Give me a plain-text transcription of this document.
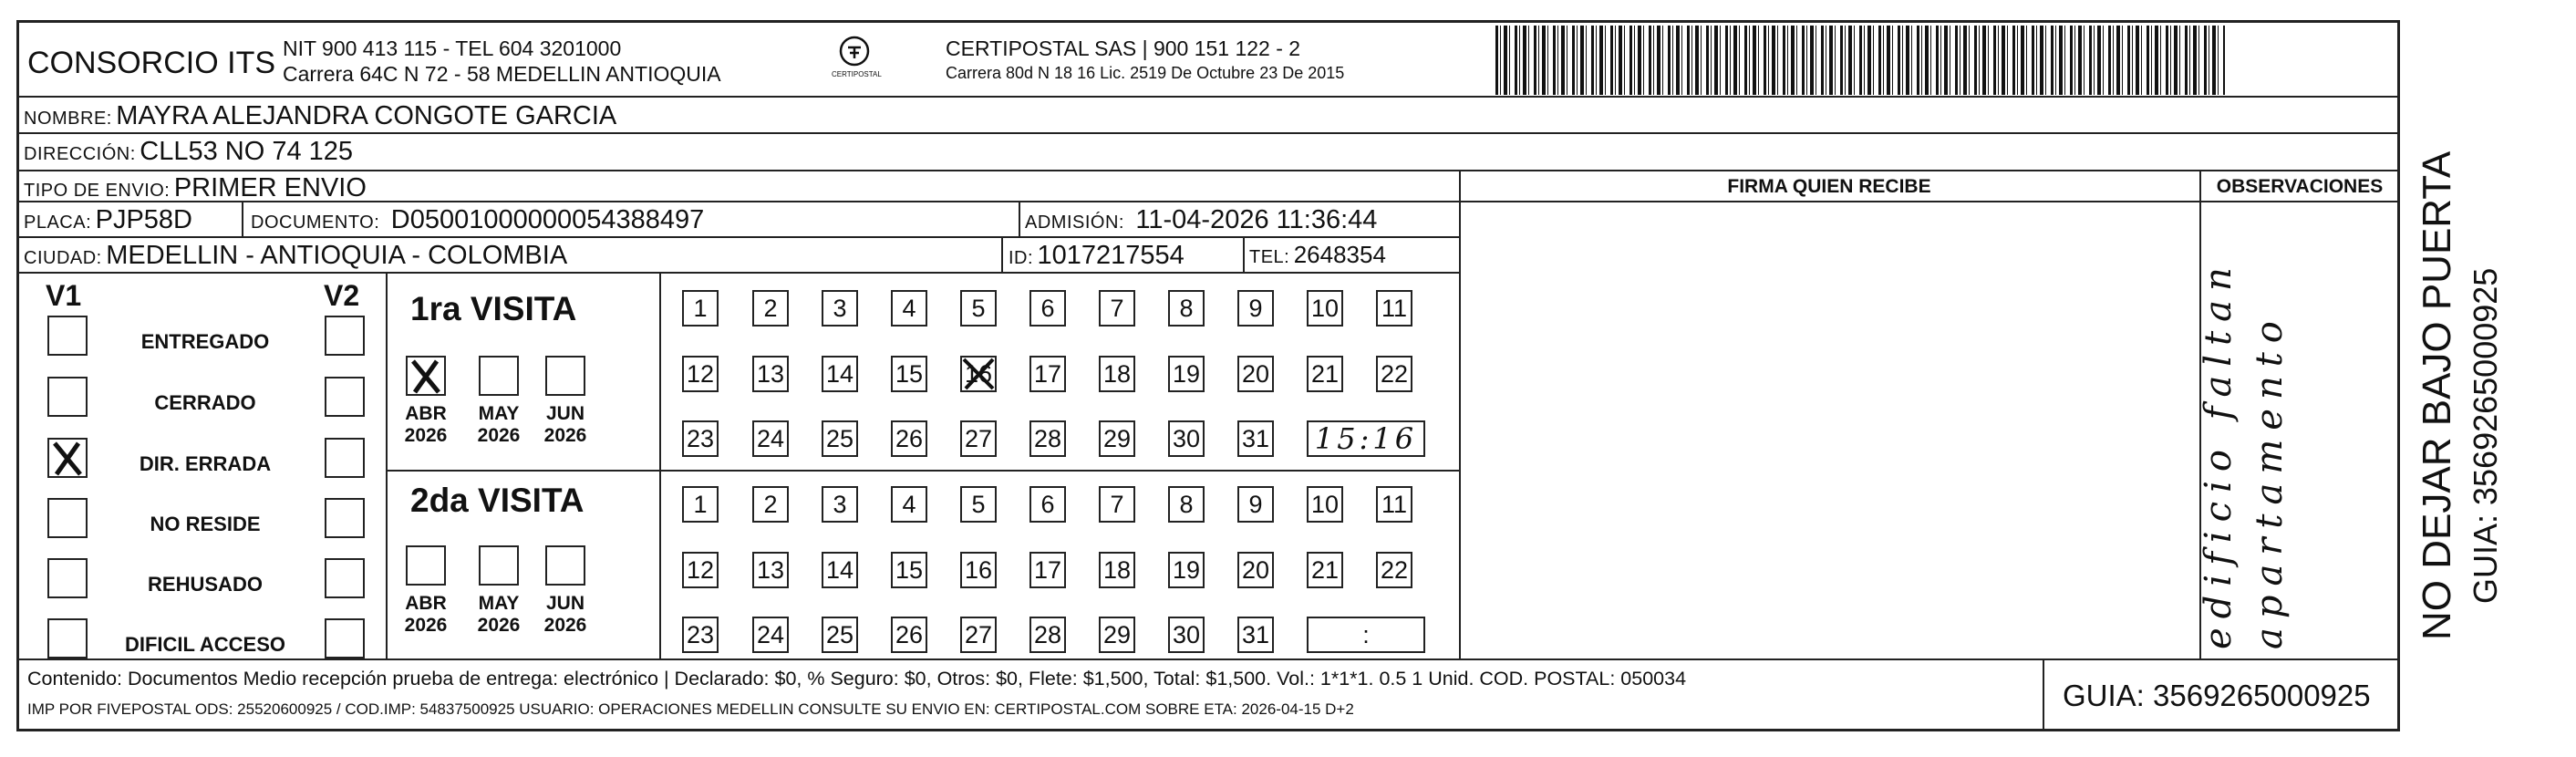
CONSORCIO ITS NIT 900 413 115 - TEL 604 3201000
Carrera 64C N 72 - 58 MEDELLIN ANTIOQUIA	CERTIPOSTAL
CERTIPOSTAL SAS | 900 151 122 - 2
Carrera 80d N 18 16 Lic. 2519 De Octubre 23 De 2015
NOMBRE: MAYRA ALEJANDRA CONGOTE GARCIA
DIRECCIÓN: CLL53 NO 74 125
TIPO DE ENVIO: PRIMER ENVIO
PLACA: PJP58D	DOCUMENTO: D05001000000054388497	ADMISIÓN: 11-04-2026 11:36:44
CIUDAD: MEDELLIN - ANTIOQUIA - COLOMBIA	ID: 1017217554	TEL: 2648354
FIRMA QUIEN RECIBE	OBSERVACIONES
edificio faltan apartamento	NO DEJAR BAJO PUERTA GUIA: 3569265000925
V1	V2
ENTREGADO
CERRADO
DIR. ERRADA
NO RESIDE
REHUSADO
DIFICIL ACCESO
1ra VISITA
2da VISITA
1	2	3	4	5	6	7	8	9	10 11
12 13 14 15 16 17 18 19 20 21 22
23 24 25 26 27 28 29 30 31 15:16
1	2	3	4	5	6	7	8	9	10 11
12 13 14 15 16 17 18 19 20 21 22
23 24 25 26 27 28 29 30 31	:
ABR
2026
MAY
2026
JUN
2026
ABR
2026
MAY
2026
JUN
2026
Contenido: Documentos Medio recepción prueba de entrega: electrónico | Declarado: $0, % Seguro: $0, Otros: $0, Flete: $1,500, Total: $1,500. Vol.: 1*1*1. 0.5 1 Unid. COD. POSTAL: 050034
IMP POR FIVEPOSTAL ODS: 25520600925 / COD.IMP: 54837500925 USUARIO: OPERACIONES MEDELLIN CONSULTE SU ENVIO EN: CERTIPOSTAL.COM SOBRE ETA: 2026-04-15 D+2	GUIA: 3569265000925
